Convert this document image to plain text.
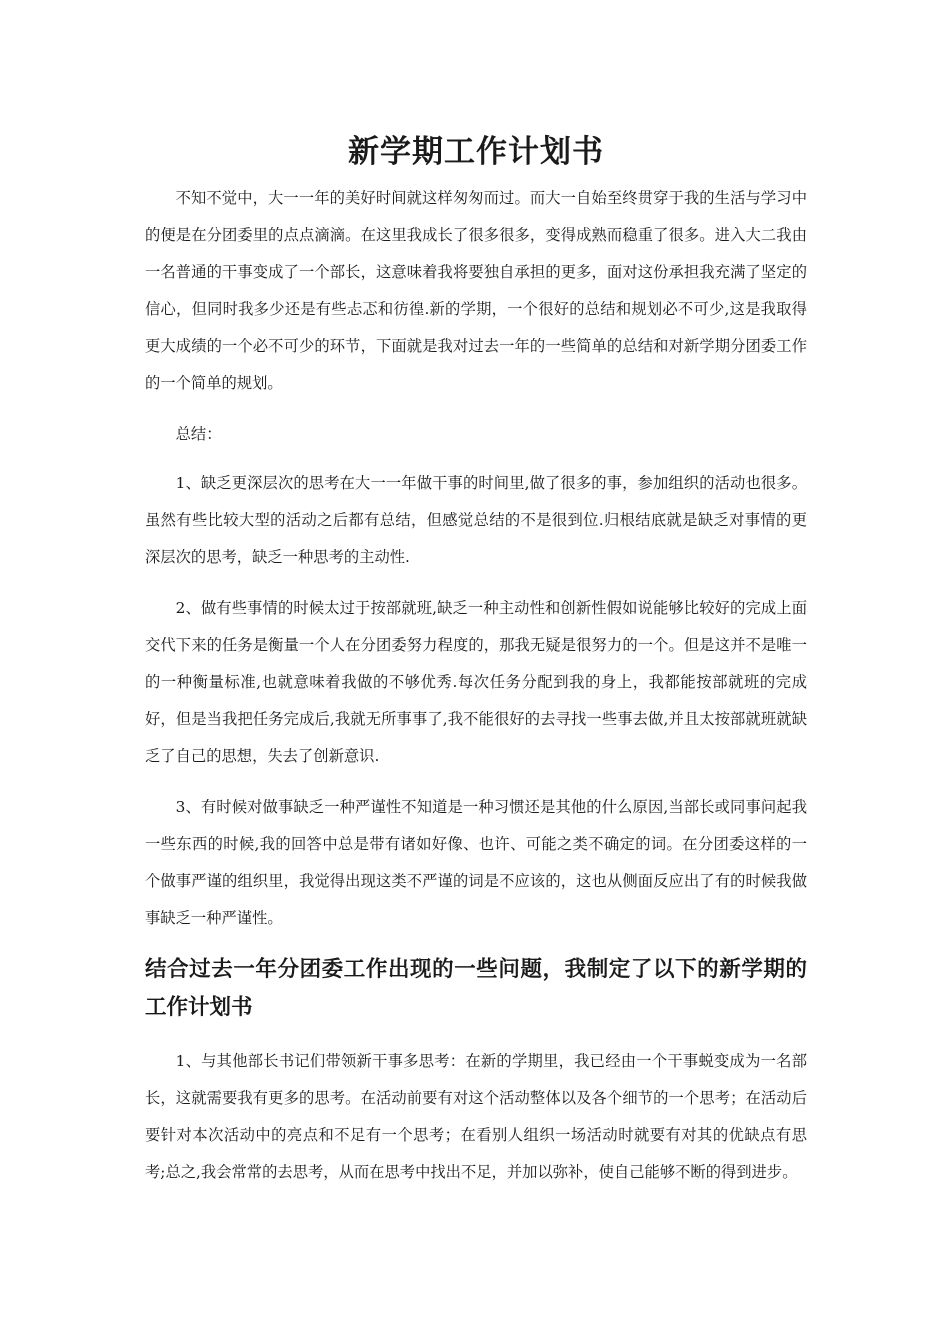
新学期工作计划书

不知不觉中，大一一年的美好时间就这样匆匆而过。而大一自始至终贯穿于我的生活与学习中的便是在分团委里的点点滴滴。在这里我成长了很多很多，变得成熟而稳重了很多。进入大二我由一名普通的干事变成了一个部长，这意味着我将要独自承担的更多，面对这份承担我充满了坚定的信心，但同时我多少还是有些忐忑和彷徨.新的学期，一个很好的总结和规划必不可少,这是我取得更大成绩的一个必不可少的环节，下面就是我对过去一年的一些简单的总结和对新学期分团委工作的一个简单的规划。

总结：

1、缺乏更深层次的思考在大一一年做干事的时间里,做了很多的事，参加组织的活动也很多。虽然有些比较大型的活动之后都有总结，但感觉总结的不是很到位.归根结底就是缺乏对事情的更深层次的思考，缺乏一种思考的主动性.

2、做有些事情的时候太过于按部就班,缺乏一种主动性和创新性假如说能够比较好的完成上面交代下来的任务是衡量一个人在分团委努力程度的，那我无疑是很努力的一个。但是这并不是唯一的一种衡量标准,也就意味着我做的不够优秀.每次任务分配到我的身上，我都能按部就班的完成好，但是当我把任务完成后,我就无所事事了,我不能很好的去寻找一些事去做,并且太按部就班就缺乏了自己的思想，失去了创新意识.

3、有时候对做事缺乏一种严谨性不知道是一种习惯还是其他的什么原因,当部长或同事问起我一些东西的时候,我的回答中总是带有诸如好像、也许、可能之类不确定的词。在分团委这样的一个做事严谨的组织里，我觉得出现这类不严谨的词是不应该的，这也从侧面反应出了有的时候我做事缺乏一种严谨性。

结合过去一年分团委工作出现的一些问题，我制定了以下的新学期的工作计划书

1、与其他部长书记们带领新干事多思考：在新的学期里，我已经由一个干事蜕变成为一名部长，这就需要我有更多的思考。在活动前要有对这个活动整体以及各个细节的一个思考；在活动后要针对本次活动中的亮点和不足有一个思考；在看别人组织一场活动时就要有对其的优缺点有思考;总之,我会常常的去思考，从而在思考中找出不足，并加以弥补，使自己能够不断的得到进步。
